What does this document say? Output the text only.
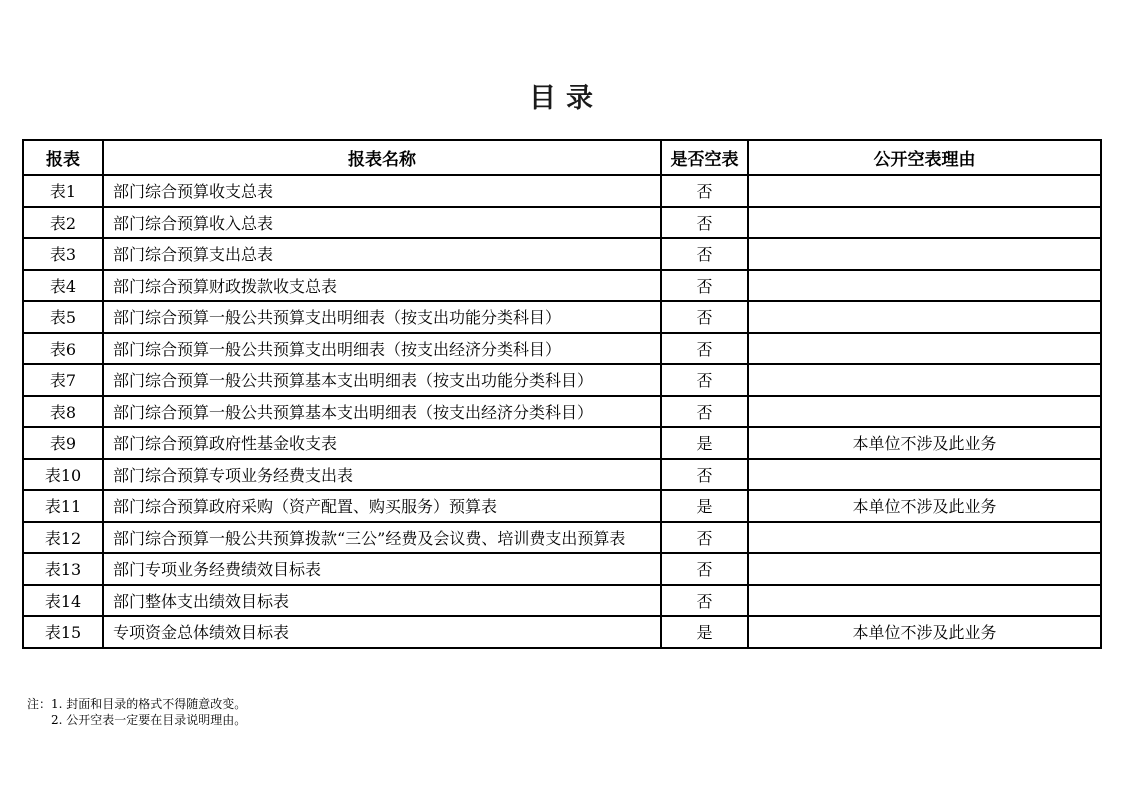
目录
报表	报表名称	是否空表	公开空表理由
表1	部门综合预算收支总表	否	
表2	部门综合预算收入总表	否	
表3	部门综合预算支出总表	否	
表4	部门综合预算财政拨款收支总表	否	
表5	部门综合预算一般公共预算支出明细表（按支出功能分类科目）	否	
表6	部门综合预算一般公共预算支出明细表（按支出经济分类科目）	否	
表7	部门综合预算一般公共预算基本支出明细表（按支出功能分类科目）	否	
表8	部门综合预算一般公共预算基本支出明细表（按支出经济分类科目）	否	
表9	部门综合预算政府性基金收支表	是	本单位不涉及此业务
表10	部门综合预算专项业务经费支出表	否	
表11	部门综合预算政府采购（资产配置、购买服务）预算表	是	本单位不涉及此业务
表12	部门综合预算一般公共预算拨款“三公”经费及会议费、培训费支出预算表	否	
表13	部门专项业务经费绩效目标表	否	
表14	部门整体支出绩效目标表	否	
表15	专项资金总体绩效目标表	是	本单位不涉及此业务
注： 1. 封面和目录的格式不得随意改变。
2. 公开空表一定要在目录说明理由。
